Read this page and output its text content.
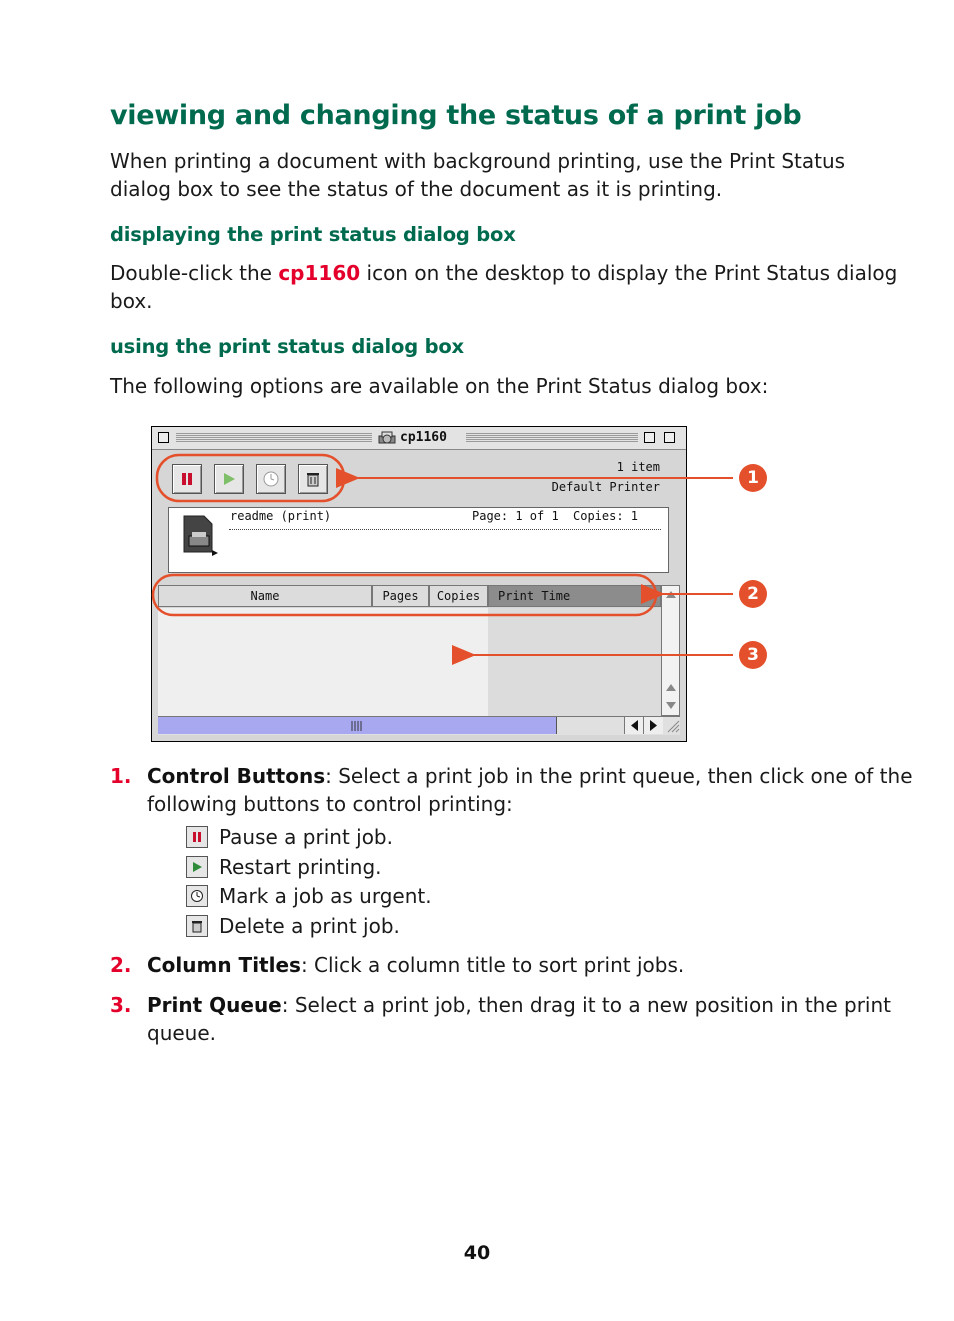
viewing and changing the status of a print job
When printing a document with background printing, use the Print Status
dialog box to see the status of the document as it is printing.
displaying the print status dialog box
Double-click the cp1160 icon on the desktop to display the Print Status dialog
box.
using the print status dialog box
The following options are available on the Print Status dialog box:
cp1160
1 item
Default Printer
readme (print)	Page: 1 of 1 Copies: 1
Name	Pages	Copies	Print Time
1
2
3
1. Control Buttons: Select a print job in the print queue, then click one of the
following buttons to control printing:
Pause a print job.
Restart printing.
Mark a job as urgent.
Delete a print job.
2. Column Titles: Click a column title to sort print jobs.
3. Print Queue: Select a print job, then drag it to a new position in the print
queue.
40
